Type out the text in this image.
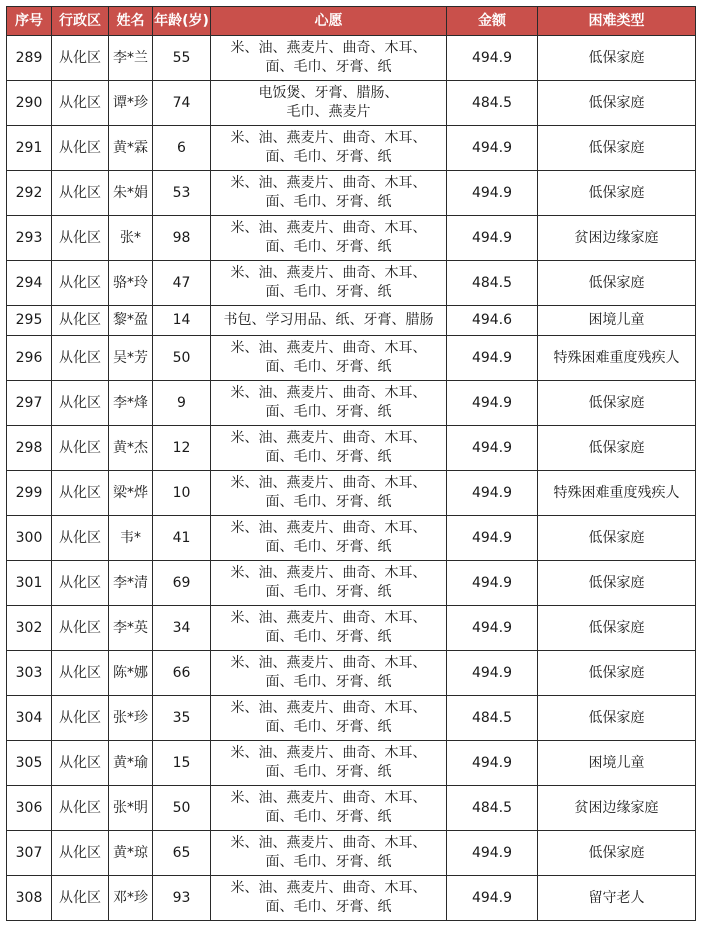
序号	行政区	姓名	年龄(岁)	心愿	金额	困难类型
289	从化区	李*兰	55	米、油、燕麦片、曲奇、木耳、
面、毛巾、牙膏、纸	494.9	低保家庭
290	从化区	谭*珍	74	电饭煲、牙膏、腊肠、
毛巾、燕麦片	484.5	低保家庭
291	从化区	黄*霖	6	米、油、燕麦片、曲奇、木耳、
面、毛巾、牙膏、纸	494.9	低保家庭
292	从化区	朱*娟	53	米、油、燕麦片、曲奇、木耳、
面、毛巾、牙膏、纸	494.9	低保家庭
293	从化区	张*	98	米、油、燕麦片、曲奇、木耳、
面、毛巾、牙膏、纸	494.9	贫困边缘家庭
294	从化区	骆*玲	47	米、油、燕麦片、曲奇、木耳、
面、毛巾、牙膏、纸	484.5	低保家庭
295	从化区	黎*盈	14	书包、学习用品、纸、牙膏、腊肠	494.6	困境儿童
296	从化区	吴*芳	50	米、油、燕麦片、曲奇、木耳、
面、毛巾、牙膏、纸	494.9	特殊困难重度残疾人
297	从化区	李*烽	9	米、油、燕麦片、曲奇、木耳、
面、毛巾、牙膏、纸	494.9	低保家庭
298	从化区	黄*杰	12	米、油、燕麦片、曲奇、木耳、
面、毛巾、牙膏、纸	494.9	低保家庭
299	从化区	梁*烨	10	米、油、燕麦片、曲奇、木耳、
面、毛巾、牙膏、纸	494.9	特殊困难重度残疾人
300	从化区	韦*	41	米、油、燕麦片、曲奇、木耳、
面、毛巾、牙膏、纸	494.9	低保家庭
301	从化区	李*清	69	米、油、燕麦片、曲奇、木耳、
面、毛巾、牙膏、纸	494.9	低保家庭
302	从化区	李*英	34	米、油、燕麦片、曲奇、木耳、
面、毛巾、牙膏、纸	494.9	低保家庭
303	从化区	陈*娜	66	米、油、燕麦片、曲奇、木耳、
面、毛巾、牙膏、纸	494.9	低保家庭
304	从化区	张*珍	35	米、油、燕麦片、曲奇、木耳、
面、毛巾、牙膏、纸	484.5	低保家庭
305	从化区	黄*瑜	15	米、油、燕麦片、曲奇、木耳、
面、毛巾、牙膏、纸	494.9	困境儿童
306	从化区	张*明	50	米、油、燕麦片、曲奇、木耳、
面、毛巾、牙膏、纸	484.5	贫困边缘家庭
307	从化区	黄*琼	65	米、油、燕麦片、曲奇、木耳、
面、毛巾、牙膏、纸	494.9	低保家庭
308	从化区	邓*珍	93	米、油、燕麦片、曲奇、木耳、
面、毛巾、牙膏、纸	494.9	留守老人
